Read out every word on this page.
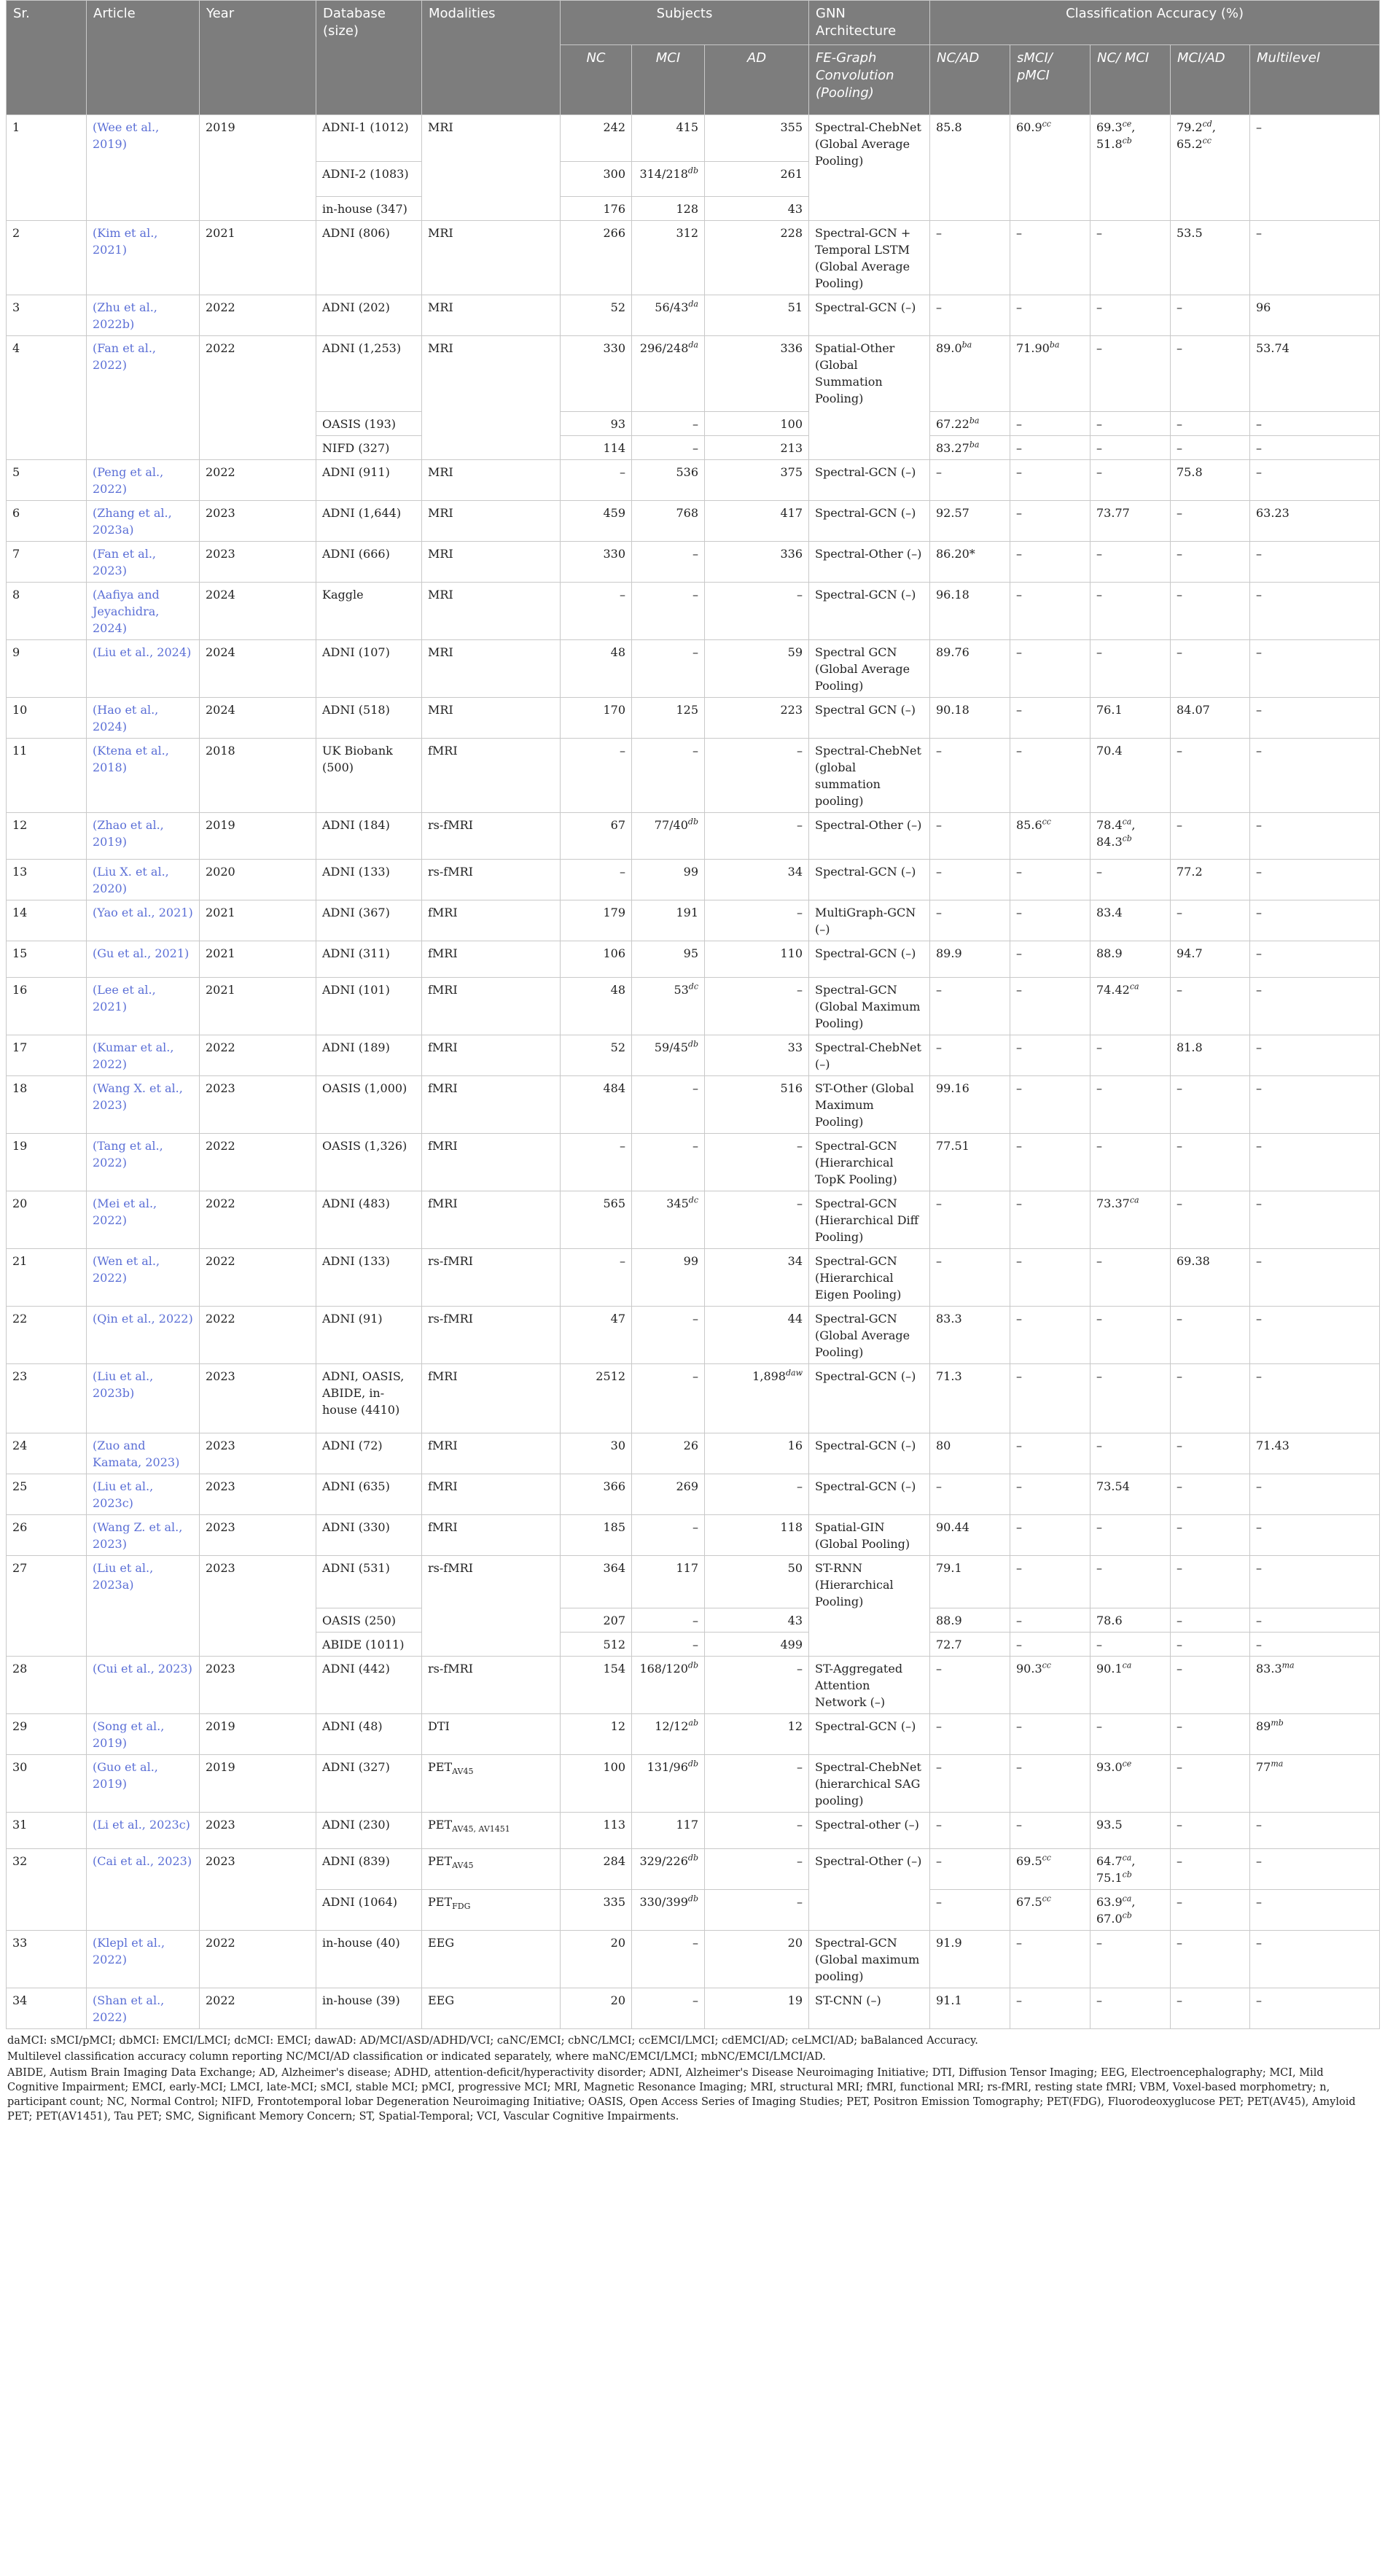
Sr.	Article	Year	Database (size)	Modalities	Subjects			GNN Architecture	Classification Accuracy (%)				
					NC	MCI	AD	FE-Graph Convolution (Pooling)	NC/AD	sMCI/ pMCI	NC/ MCI	MCI/AD	Multilevel
1	(Wee et al., 2019)	2019	ADNI-1 (1012)	MRI	242	415	355	Spectral-ChebNet (Global Average Pooling)	85.8	60.9$^{cc}$	69.3$^{ce}$, 51.8$^{cb}$	79.2$^{cd}$, 65.2$^{cc}$	–
			ADNI-2 (1083)		300	$314/218^{db}$	261						
			in-house (347)		176	128	43						
2	(Kim et al., 2021)	2021	ADNI (806)	MRI	266	312	228	Spectral-GCN + Temporal LSTM (Global Average Pooling)	–	–	–	53.5	–
3	(Zhu et al., 2022b)	2022	ADNI (202)	MRI	52	$56/43^{da}$	51	Spectral-GCN (–)	–	–	–	–	96
4	(Fan et al., 2022)	2022	ADNI (1,253)	MRI	330	$296/248^{da}$	336	Spatial-Other (Global Summation Pooling)	89.0$^{ba}$	71.90$^{ba}$	–	–	53.74
			OASIS (193)		93	–	100		67.22$^{ba}$	–	–	–	–
			NIFD (327)		114	–	213		83.27$^{ba}$	–	–	–	–
5	(Peng et al., 2022)	2022	ADNI (911)	MRI	–	536	375	Spectral-GCN (–)	–	–	–	75.8	–
6	(Zhang et al., 2023a)	2023	ADNI (1,644)	MRI	459	768	417	Spectral-GCN (–)	92.57	–	73.77	–	63.23
7	(Fan et al., 2023)	2023	ADNI (666)	MRI	330	–	336	Spectral-Other (–)	86.20*	–	–	–	–
8	(Aafiya and Jeyachidra, 2024)	2024	Kaggle	MRI	–	–	–	Spectral-GCN (–)	96.18	–	–	–	–
9	(Liu et al., 2024)	2024	ADNI (107)	MRI	48	–	59	Spectral GCN (Global Average Pooling)	89.76	–	–	–	–
10	(Hao et al., 2024)	2024	ADNI (518)	MRI	170	125	223	Spectral GCN (–)	90.18	–	76.1	84.07	–
11	(Ktena et al., 2018)	2018	UK Biobank (500)	fMRI	–	–	–	Spectral-ChebNet (global summation pooling)	–	–	70.4	–	–
12	(Zhao et al., 2019)	2019	ADNI (184)	rs-fMRI	67	$77/40^{db}$	–	Spectral-Other (–)	–	85.6$^{cc}$	78.4$^{ca}$, 84.3$^{cb}$	–	–
13	(Liu X. et al., 2020)	2020	ADNI (133)	rs-fMRI	–	99	34	Spectral-GCN (–)	–	–	–	77.2	–
14	(Yao et al., 2021)	2021	ADNI (367)	fMRI	179	191	–	MultiGraph-GCN (–)	–	–	83.4	–	–
15	(Gu et al., 2021)	2021	ADNI (311)	fMRI	106	95	110	Spectral-GCN (–)	89.9	–	88.9	94.7	–
16	(Lee et al., 2021)	2021	ADNI (101)	fMRI	48	$53^{dc}$	–	Spectral-GCN (Global Maximum Pooling)	–	–	74.42$^{ca}$	–	–
17	(Kumar et al., 2022)	2022	ADNI (189)	fMRI	52	$59/45^{db}$	33	Spectral-ChebNet (–)	–	–	–	81.8	–
18	(Wang X. et al., 2023)	2023	OASIS (1,000)	fMRI	484	–	516	ST-Other (Global Maximum Pooling)	99.16	–	–	–	–
19	(Tang et al., 2022)	2022	OASIS (1,326)	fMRI	–	–	–	Spectral-GCN (Hierarchical TopK Pooling)	77.51	–	–	–	–
20	(Mei et al., 2022)	2022	ADNI (483)	fMRI	565	$345^{dc}$	–	Spectral-GCN (Hierarchical Diff Pooling)	–	–	73.37$^{ca}$	–	–
21	(Wen et al., 2022)	2022	ADNI (133)	rs-fMRI	–	99	34	Spectral-GCN (Hierarchical Eigen Pooling)	–	–	–	69.38	–
22	(Qin et al., 2022)	2022	ADNI (91)	rs-fMRI	47	–	44	Spectral-GCN (Global Average Pooling)	83.3	–	–	–	–
23	(Liu et al., 2023b)	2023	ADNI, OASIS, ABIDE, in-house (4410)	fMRI	2512	–	$1,898^{daw}$	Spectral-GCN (–)	71.3	–	–	–	–
24	(Zuo and Kamata, 2023)	2023	ADNI (72)	fMRI	30	26	16	Spectral-GCN (–)	80	–	–	–	71.43
25	(Liu et al., 2023c)	2023	ADNI (635)	fMRI	366	269	–	Spectral-GCN (–)	–	–	73.54	–	–
26	(Wang Z. et al., 2023)	2023	ADNI (330)	fMRI	185	–	118	Spatial-GIN (Global Pooling)	90.44	–	–	–	–
27	(Liu et al., 2023a)	2023	ADNI (531)	rs-fMRI	364	117	50	ST-RNN (Hierarchical Pooling)	79.1	–	–	–	–
			OASIS (250)		207	–	43		88.9	–	78.6	–	–
			ABIDE (1011)		512	–	499		72.7	–	–	–	–
28	(Cui et al., 2023)	2023	ADNI (442)	rs-fMRI	154	$168/120^{db}$	–	ST-Aggregated Attention Network (–)	–	90.3$^{cc}$	90.1$^{ca}$	–	$83.3^{ma}$
29	(Song et al., 2019)	2019	ADNI (48)	DTI	12	$12/12^{ab}$	12	Spectral-GCN (–)	–	–	–	–	$89^{mb}$
30	(Guo et al., 2019)	2019	ADNI (327)	$PET_{AV45}$	100	$131/96^{db}$	–	Spectral-ChebNet (hierarchical SAG pooling)	–	–	93.0$^{ce}$	–	$77^{ma}$
31	(Li et al., 2023c)	2023	ADNI (230)	$PET_{AV45, AV1451}$	113	117	–	Spectral-other (–)	–	–	93.5	–	–
32	(Cai et al., 2023)	2023	ADNI (839)	$PET_{AV45}$	284	$329/226^{db}$	–	Spectral-Other (–)	–	69.5$^{cc}$	64.7$^{ca}$, 75.1$^{cb}$	–	–
			ADNI (1064)	$PET_{FDG}$	335	$330/399^{db}$	–		–	67.5$^{cc}$	63.9$^{ca}$, 67.0$^{cb}$	–	–
33	(Klepl et al., 2022)	2022	in-house (40)	EEG	20	–	20	Spectral-GCN (Global maximum pooling)	91.9	–	–	–	–
34	(Shan et al., 2022)	2022	in-house (39)	EEG	20	–	19	ST-CNN (–)	91.1	–	–	–	–

daMCI: sMCI/pMCI; dbMCI: EMCI/LMCI; dcMCI: EMCI; dawAD: AD/MCI/ASD/ADHD/VCI; caNC/EMCI; cbNC/LMCI; ccEMCI/LMCI; cdEMCI/AD; ceLMCI/AD; baBalanced Accuracy.

Multilevel classification accuracy column reporting NC/MCI/AD classification or indicated separately, where maNC/EMCI/LMCI; mbNC/EMCI/LMCI/AD.

ABIDE, Autism Brain Imaging Data Exchange; AD, Alzheimer's disease; ADHD, attention-deficit/hyperactivity disorder; ADNI, Alzheimer's Disease Neuroimaging Initiative; DTI, Diffusion Tensor Imaging; EEG, Electroencephalography; MCI, Mild Cognitive Impairment; EMCI, early-MCI; LMCI, late-MCI; sMCI, stable MCI; pMCI, progressive MCI; MRI, Magnetic Resonance Imaging; MRI, structural MRI; fMRI, functional MRI; rs-fMRI, resting state fMRI; VBM, Voxel-based morphometry; n, participant count; NC, Normal Control; NIFD, Frontotemporal lobar Degeneration Neuroimaging Initiative; OASIS, Open Access Series of Imaging Studies; PET, Positron Emission Tomography; PET(FDG), Fluorodeoxyglucose PET; PET(AV45), Amyloid PET; PET(AV1451), Tau PET; SMC, Significant Memory Concern; ST, Spatial-Temporal; VCI, Vascular Cognitive Impairments.
